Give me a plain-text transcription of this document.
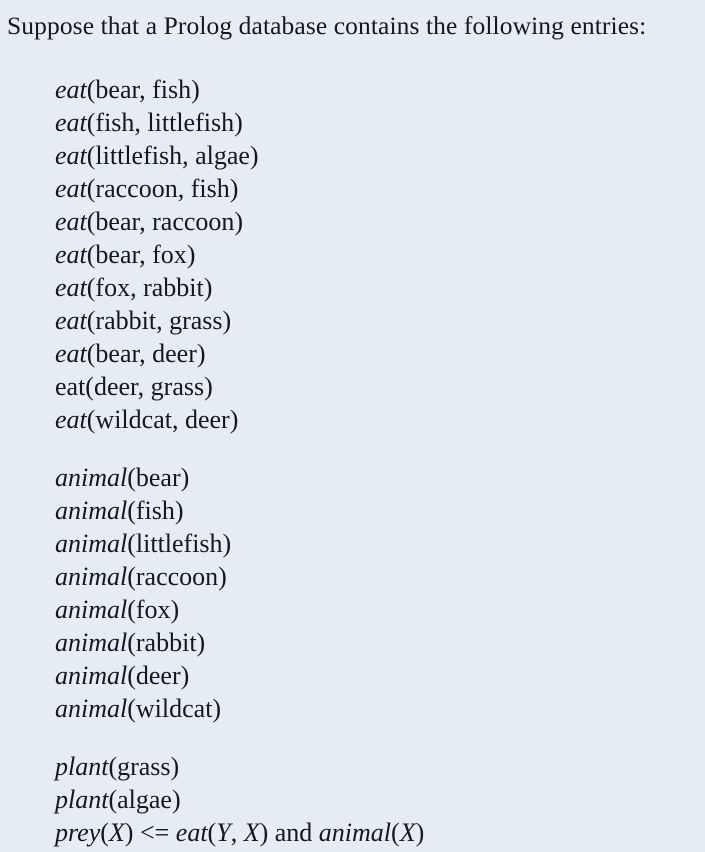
Suppose that a Prolog database contains the following entries:
eat(bear, fish)
eat(fish, littlefish)
eat(littlefish, algae)
eat(raccoon, fish)
eat(bear, raccoon)
eat(bear, fox)
eat(fox, rabbit)
eat(rabbit, grass)
eat(bear, deer)
eat(deer, grass)
eat(wildcat, deer)
animal(bear)
animal(fish)
animal(littlefish)
animal(raccoon)
animal(fox)
animal(rabbit)
animal(deer)
animal(wildcat)
plant(grass)
plant(algae)
prey(X) <= eat(Y, X) and animal(X)
